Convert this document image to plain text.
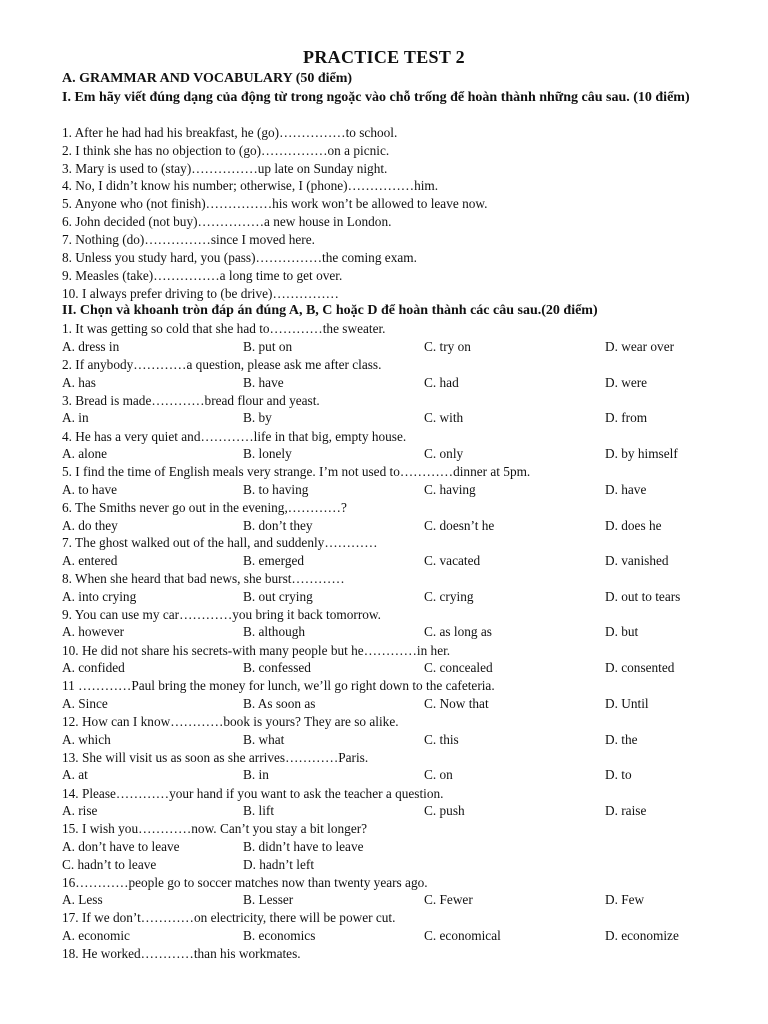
PRACTICE TEST 2
A. GRAMMAR AND VOCABULARY (50 điểm)
I. Em hãy viết đúng dạng của động từ trong ngoặc vào chỗ trống để hoàn thành những câu sau. (10 điểm)
1. After he had had his breakfast, he (go)……………to school.
2. I think she has no objection to (go)……………on a picnic.
3. Mary is used to (stay)……………up late on Sunday night.
4. No, I didn’t know his number; otherwise, I (phone)……………him.
5. Anyone who (not finish)……………his work won’t be allowed to leave now.
6. John decided (not buy)……………a new house in London.
7. Nothing (do)……………since I moved here.
8. Unless you study hard, you (pass)……………the coming exam.
9. Measles (take)……………a long time to get over.
10. I always prefer driving to (be drive)……………
II. Chọn và khoanh tròn đáp án đúng A, B, C hoặc D để hoàn thành các câu sau.(20 điểm)
1. It was getting so cold that she had to…………the sweater.
A. dress in	B. put on	C. try on	D. wear over
2. If anybody…………a question, please ask me after class.
A. has	B. have	C. had	D. were
3. Bread is made…………bread flour and yeast.
A. in	B. by	C. with	D. from
4. He has a very quiet and…………life in that big, empty house.
A. alone	B. lonely	C. only	D. by himself
5. I find the time of English meals very strange. I’m not used to…………dinner at 5pm.
A. to have	B. to having	C. having	D. have
6. The Smiths never go out in the evening,…………?
A. do they	B. don’t they	C. doesn’t he	D. does he
7. The ghost walked out of the hall, and suddenly…………
A. entered	B. emerged	C. vacated	D. vanished
8. When she heard that bad news, she burst…………
A. into crying	B. out crying	C. crying	D. out to tears
9. You can use my car…………you bring it back tomorrow.
A. however	B. although	C. as long as	D. but
10. He did not share his secrets-with many people but he…………in her.
A. confided	B. confessed	C. concealed	D. consented
11 …………Paul bring the money for lunch, we’ll go right down to the cafeteria.
A. Since	B. As soon as	C. Now that	D. Until
12. How can I know…………book is yours? They are so alike.
A. which	B. what	C. this	D. the
13. She will visit us as soon as she arrives…………Paris.
A. at	B. in	C. on	D. to
14. Please…………your hand if you want to ask the teacher a question.
A. rise	B. lift	C. push	D. raise
15. I wish you…………now. Can’t you stay a bit longer?
A. don’t have to leave	B. didn’t have to leave
C. hadn’t to leave	D. hadn’t left
16…………people go to soccer matches now than twenty years ago.
A. Less	B. Lesser	C. Fewer	D. Few
17. If we don’t…………on electricity, there will be power cut.
A. economic	B. economics	C. economical	D. economize
18. He worked…………than his workmates.
